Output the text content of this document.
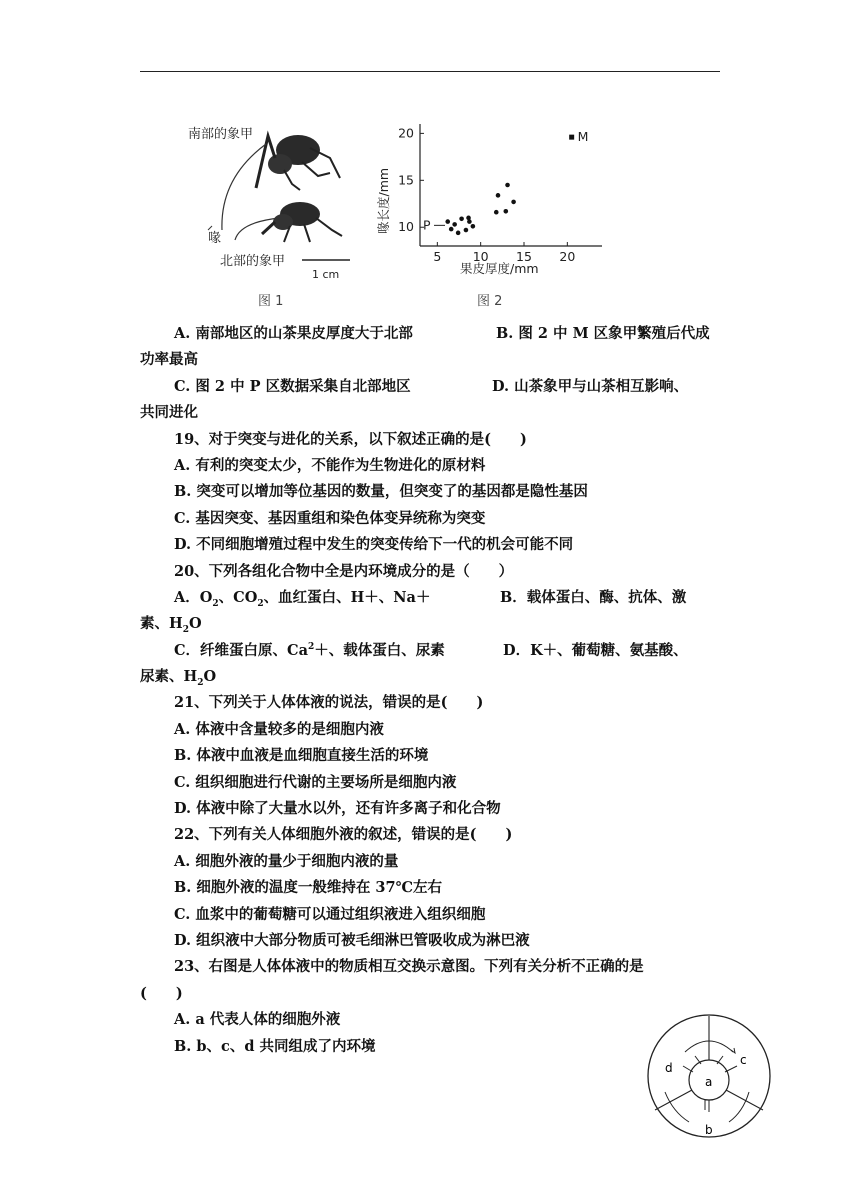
南部的象甲
喙
北部的象甲
1 cm
图 1
喙长度/mm
果皮厚度/mm
5	10 15 20
10
15
20	M
P
图 2
A. 南部地区的山茶果皮厚度大于北部	B. 图 2 中 M 区象甲繁殖后代成
功率最高
C. 图 2 中 P 区数据采集自北部地区	D. 山茶象甲与山茶相互影响、
共同进化
19、对于突变与进化的关系，以下叙述正确的是(　　)
A. 有利的突变太少，不能作为生物进化的原材料
B. 突变可以增加等位基因的数量，但突变了的基因都是隐性基因
C. 基因突变、基因重组和染色体变异统称为突变
D. 不同细胞增殖过程中发生的突变传给下一代的机会可能不同
20、下列各组化合物中全是内环境成分的是（　　）
A．$O_2$、$CO_2$、血红蛋白、H＋、Na＋	B．载体蛋白、酶、抗体、激
素、$H_2O$
C．纤维蛋白原、$Ca^2+$、载体蛋白、尿素	D．K＋、葡萄糖、氨基酸、
尿素、$H_2O$
21、下列关于人体体液的说法，错误的是(　　)
A. 体液中含量较多的是细胞内液
B. 体液中血液是血细胞直接生活的环境
C. 组织细胞进行代谢的主要场所是细胞内液
D. 体液中除了大量水以外，还有许多离子和化合物
22、下列有关人体细胞外液的叙述，错误的是(　　)
A. 细胞外液的量少于细胞内液的量
B. 细胞外液的温度一般维持在 37℃左右
C. 血浆中的葡萄糖可以通过组织液进入组织细胞
D. 组织液中大部分物质可被毛细淋巴管吸收成为淋巴液
23、右图是人体体液中的物质相互交换示意图。下列有关分析不正确的是
(　　)
A. a 代表人体的细胞外液
B. b、c、d 共同组成了内环境
a
b
c
d
